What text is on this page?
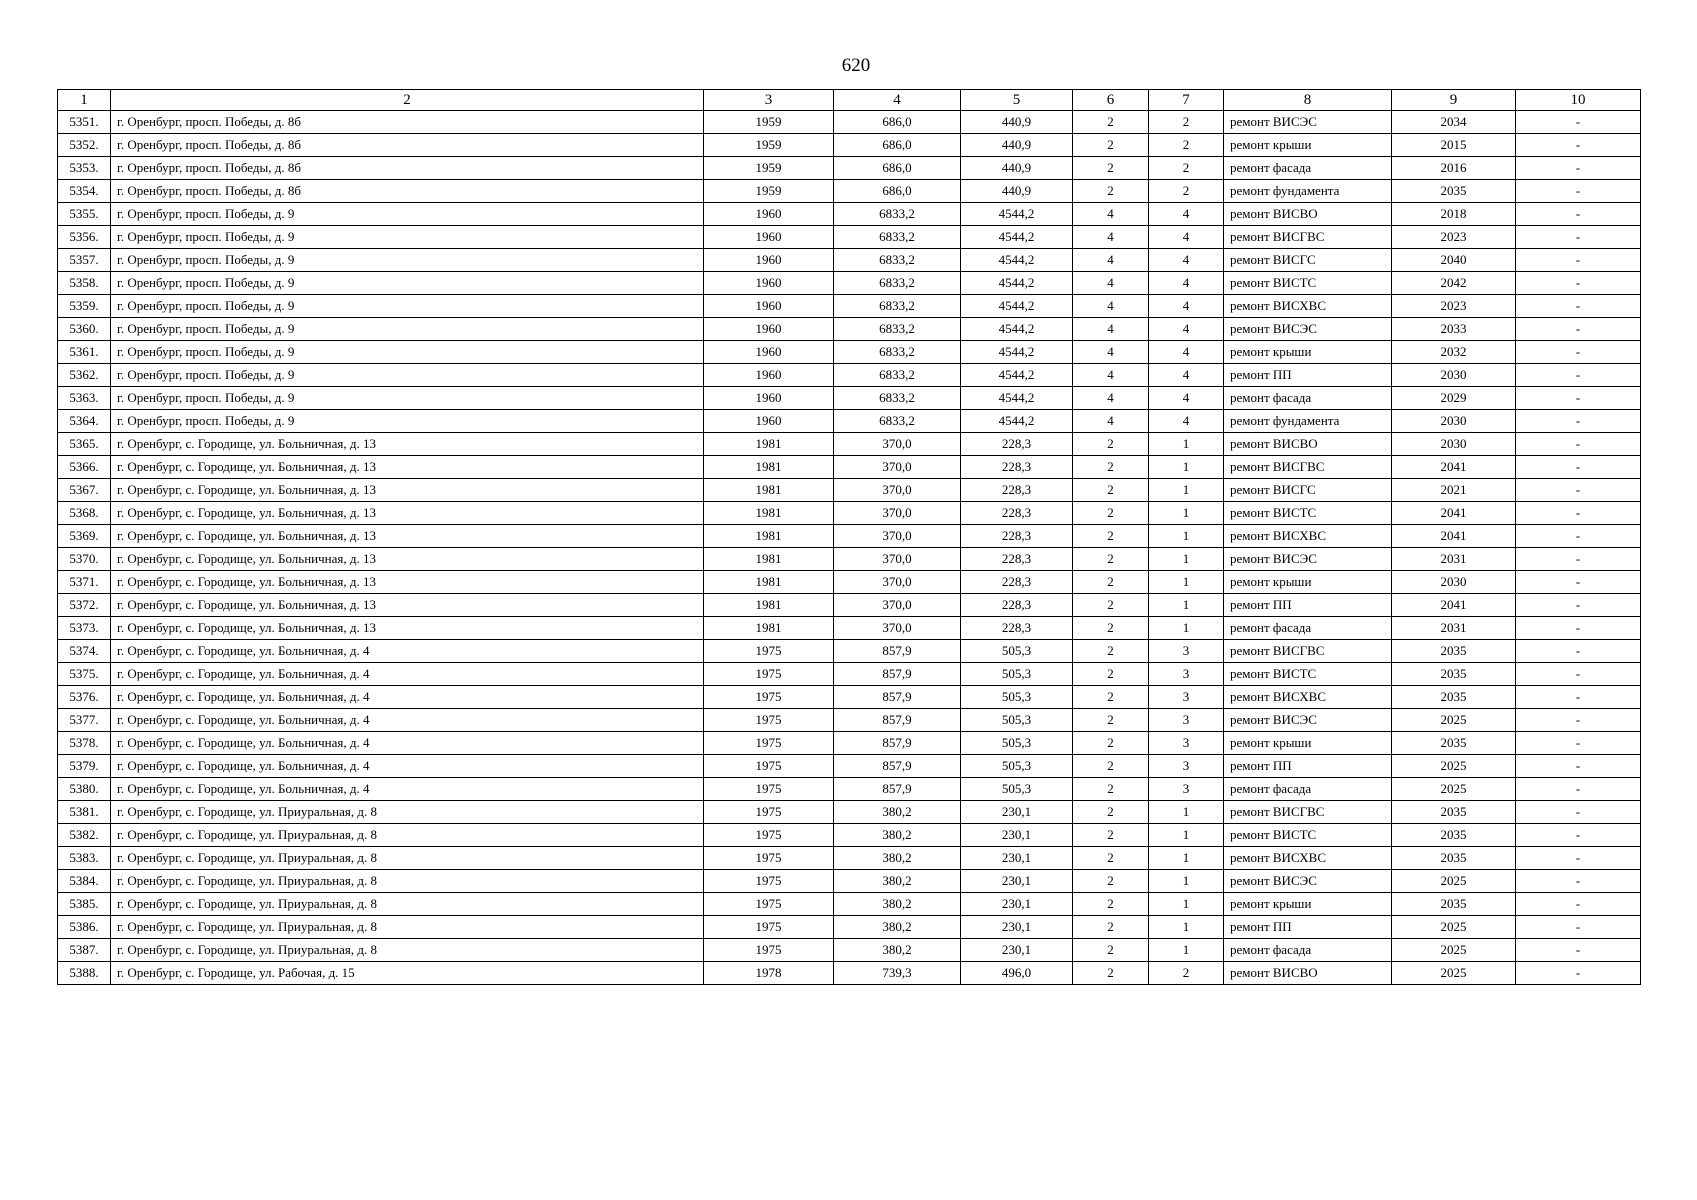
620
1	2	3	4	5	6	7	8	9	10
5351.	г. Оренбург, просп. Победы, д. 8б	1959	686,0	440,9	2	2	ремонт ВИСЭС	2034	-
5352.	г. Оренбург, просп. Победы, д. 8б	1959	686,0	440,9	2	2	ремонт крыши	2015	-
5353.	г. Оренбург, просп. Победы, д. 8б	1959	686,0	440,9	2	2	ремонт фасада	2016	-
5354.	г. Оренбург, просп. Победы, д. 8б	1959	686,0	440,9	2	2	ремонт фундамента	2035	-
5355.	г. Оренбург, просп. Победы, д. 9	1960	6833,2	4544,2	4	4	ремонт ВИСВО	2018	-
5356.	г. Оренбург, просп. Победы, д. 9	1960	6833,2	4544,2	4	4	ремонт ВИСГВС	2023	-
5357.	г. Оренбург, просп. Победы, д. 9	1960	6833,2	4544,2	4	4	ремонт ВИСГС	2040	-
5358.	г. Оренбург, просп. Победы, д. 9	1960	6833,2	4544,2	4	4	ремонт ВИСТС	2042	-
5359.	г. Оренбург, просп. Победы, д. 9	1960	6833,2	4544,2	4	4	ремонт ВИСХВС	2023	-
5360.	г. Оренбург, просп. Победы, д. 9	1960	6833,2	4544,2	4	4	ремонт ВИСЭС	2033	-
5361.	г. Оренбург, просп. Победы, д. 9	1960	6833,2	4544,2	4	4	ремонт крыши	2032	-
5362.	г. Оренбург, просп. Победы, д. 9	1960	6833,2	4544,2	4	4	ремонт ПП	2030	-
5363.	г. Оренбург, просп. Победы, д. 9	1960	6833,2	4544,2	4	4	ремонт фасада	2029	-
5364.	г. Оренбург, просп. Победы, д. 9	1960	6833,2	4544,2	4	4	ремонт фундамента	2030	-
5365.	г. Оренбург, с. Городище, ул. Больничная, д. 13	1981	370,0	228,3	2	1	ремонт ВИСВО	2030	-
5366.	г. Оренбург, с. Городище, ул. Больничная, д. 13	1981	370,0	228,3	2	1	ремонт ВИСГВС	2041	-
5367.	г. Оренбург, с. Городище, ул. Больничная, д. 13	1981	370,0	228,3	2	1	ремонт ВИСГС	2021	-
5368.	г. Оренбург, с. Городище, ул. Больничная, д. 13	1981	370,0	228,3	2	1	ремонт ВИСТС	2041	-
5369.	г. Оренбург, с. Городище, ул. Больничная, д. 13	1981	370,0	228,3	2	1	ремонт ВИСХВС	2041	-
5370.	г. Оренбург, с. Городище, ул. Больничная, д. 13	1981	370,0	228,3	2	1	ремонт ВИСЭС	2031	-
5371.	г. Оренбург, с. Городище, ул. Больничная, д. 13	1981	370,0	228,3	2	1	ремонт крыши	2030	-
5372.	г. Оренбург, с. Городище, ул. Больничная, д. 13	1981	370,0	228,3	2	1	ремонт ПП	2041	-
5373.	г. Оренбург, с. Городище, ул. Больничная, д. 13	1981	370,0	228,3	2	1	ремонт фасада	2031	-
5374.	г. Оренбург, с. Городище, ул. Больничная, д. 4	1975	857,9	505,3	2	3	ремонт ВИСГВС	2035	-
5375.	г. Оренбург, с. Городище, ул. Больничная, д. 4	1975	857,9	505,3	2	3	ремонт ВИСТС	2035	-
5376.	г. Оренбург, с. Городище, ул. Больничная, д. 4	1975	857,9	505,3	2	3	ремонт ВИСХВС	2035	-
5377.	г. Оренбург, с. Городище, ул. Больничная, д. 4	1975	857,9	505,3	2	3	ремонт ВИСЭС	2025	-
5378.	г. Оренбург, с. Городище, ул. Больничная, д. 4	1975	857,9	505,3	2	3	ремонт крыши	2035	-
5379.	г. Оренбург, с. Городище, ул. Больничная, д. 4	1975	857,9	505,3	2	3	ремонт ПП	2025	-
5380.	г. Оренбург, с. Городище, ул. Больничная, д. 4	1975	857,9	505,3	2	3	ремонт фасада	2025	-
5381.	г. Оренбург, с. Городище, ул. Приуральная, д. 8	1975	380,2	230,1	2	1	ремонт ВИСГВС	2035	-
5382.	г. Оренбург, с. Городище, ул. Приуральная, д. 8	1975	380,2	230,1	2	1	ремонт ВИСТС	2035	-
5383.	г. Оренбург, с. Городище, ул. Приуральная, д. 8	1975	380,2	230,1	2	1	ремонт ВИСХВС	2035	-
5384.	г. Оренбург, с. Городище, ул. Приуральная, д. 8	1975	380,2	230,1	2	1	ремонт ВИСЭС	2025	-
5385.	г. Оренбург, с. Городище, ул. Приуральная, д. 8	1975	380,2	230,1	2	1	ремонт крыши	2035	-
5386.	г. Оренбург, с. Городище, ул. Приуральная, д. 8	1975	380,2	230,1	2	1	ремонт ПП	2025	-
5387.	г. Оренбург, с. Городище, ул. Приуральная, д. 8	1975	380,2	230,1	2	1	ремонт фасада	2025	-
5388.	г. Оренбург, с. Городище, ул. Рабочая, д. 15	1978	739,3	496,0	2	2	ремонт ВИСВО	2025	-
